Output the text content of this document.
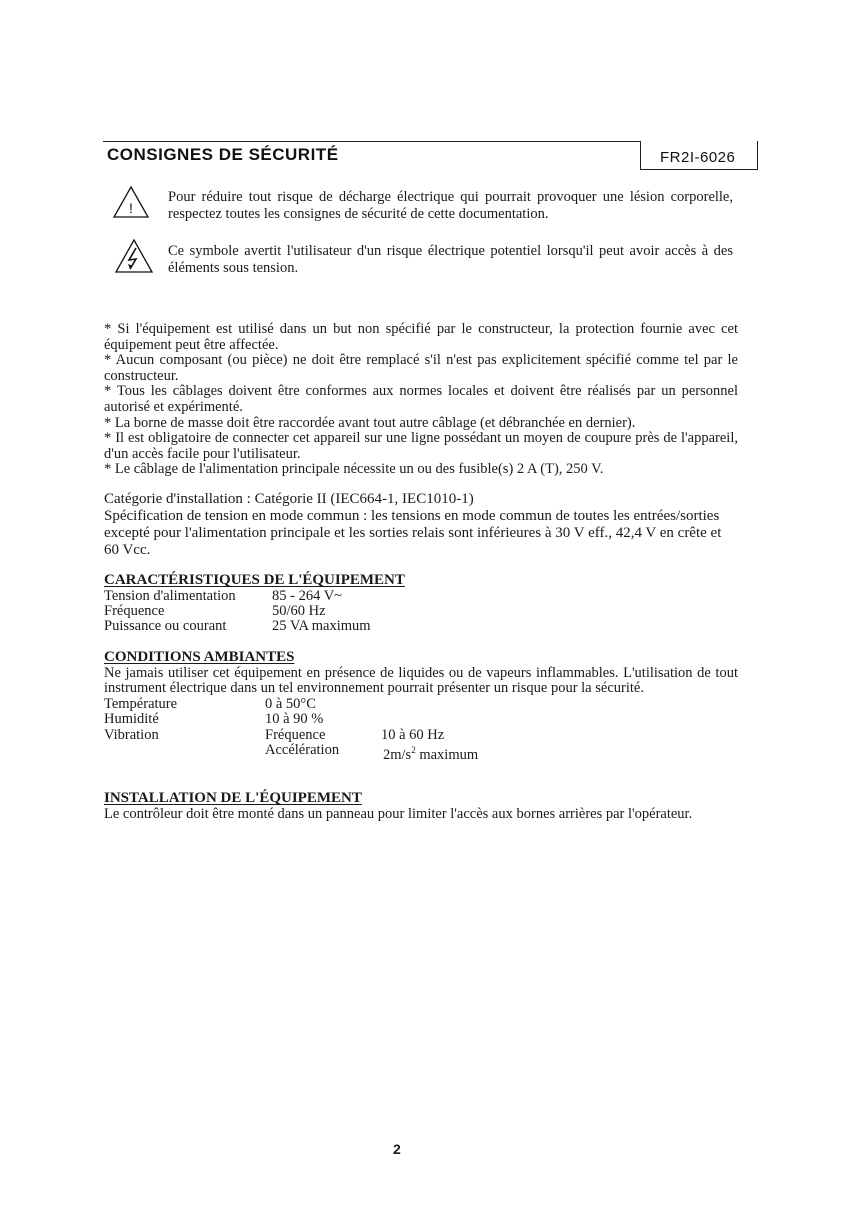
CONSIGNES DE SÉCURITÉ	FR2I-6026
!
Pour réduire tout risque de décharge électrique qui pourrait provoquer une lésion corporelle, respectez toutes les consignes de sécurité de cette documentation.
Ce symbole avertit l'utilisateur d'un risque électrique potentiel lorsqu'il peut avoir accès à des éléments sous tension.
* Si l'équipement est utilisé dans un but non spécifié par le constructeur, la protection fournie avec cet équipement peut être affectée.
* Aucun composant (ou pièce) ne doit être remplacé s'il n'est pas explicitement spécifié comme tel par le constructeur.
* Tous les câblages doivent être conformes aux normes locales et doivent être réalisés par un personnel autorisé et expérimenté.
* La borne de masse doit être raccordée avant tout autre câblage (et débranchée en dernier).
* Il est obligatoire de connecter cet appareil sur une ligne possédant un moyen de coupure près de l'appareil, d'un accès facile pour l'utilisateur.
* Le câblage de l'alimentation principale nécessite un ou des fusible(s) 2 A (T), 250 V.
Catégorie d'installation : Catégorie II (IEC664-1, IEC1010-1)
Spécification de tension en mode commun : les tensions en mode commun de toutes les entrées/sorties excepté pour l'alimentation principale et les sorties relais sont inférieures à 30 V eff., 42,4 V en crête et 60 Vcc.
CARACTÉRISTIQUES DE L'ÉQUIPEMENT
Tension d'alimentation	85 - 264 V~
Fréquence	50/60 Hz
Puissance ou courant	25 VA maximum
CONDITIONS AMBIANTES
Ne jamais utiliser cet équipement en présence de liquides ou de vapeurs inflammables. L'utilisation de tout instrument électrique dans un tel environnement pourrait présenter un risque pour la sécurité.
Température	0 à 50°C
Humidité	10 à 90 %
Vibration	Fréquence	10 à 60 Hz
Accélération	$2m/s^2$ maximum
INSTALLATION DE L'ÉQUIPEMENT
Le contrôleur doit être monté dans un panneau pour limiter l'accès aux bornes arrières par l'opérateur.
2
